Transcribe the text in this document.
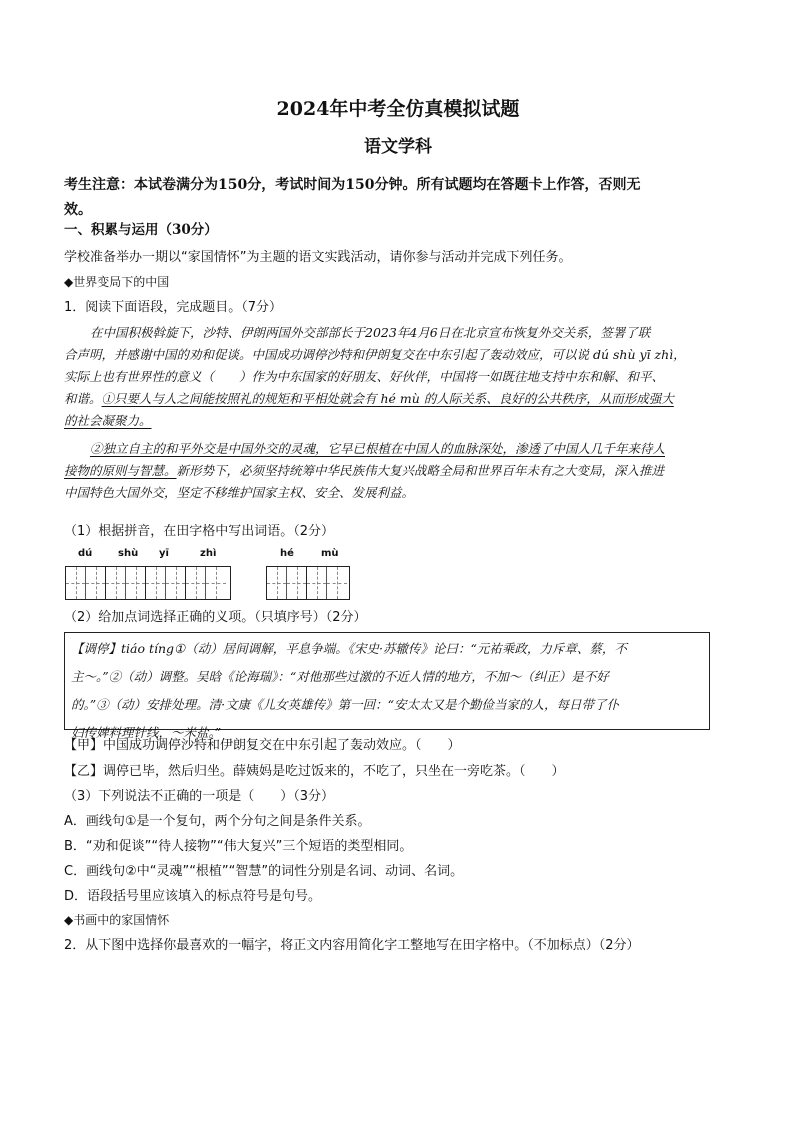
2024年中考全仿真模拟试题
语文学科
考生注意：本试卷满分为150分，考试时间为150分钟。所有试题均在答题卡上作答，否则无
效。
一、积累与运用（30分）
学校准备举办一期以“家国情怀”为主题的语文实践活动，请你参与活动并完成下列任务。
◆世界变局下的中国
1．阅读下面语段，完成题目。（7分）
在中国积极斡旋下，沙特、伊朗两国外交部部长于2023年4月6日在北京宣布恢复外交关系，签署了联
合声明，并感谢中国的劝和促谈。中国成功调停沙特和伊朗复交在中东引起了轰动效应，可以说 dú shù yī zhì，
实际上也有世界性的意义（　　）作为中东国家的好朋友、好伙伴，中国将一如既往地支持中东和解、和平、
和谐。①只要人与人之间能按照礼的规矩和平相处就会有 hé mù 的人际关系、良好的公共秩序，从而形成强大
的社会凝聚力。
②独立自主的和平外交是中国外交的灵魂，它早已根植在中国人的血脉深处，渗透了中国人几千年来待人
接物的原则与智慧。新形势下，必须坚持统筹中华民族伟大复兴战略全局和世界百年未有之大变局，深入推进
中国特色大国外交，坚定不移维护国家主权、安全、发展利益。
（1）根据拼音，在田字格中写出词语。（2分）
dú	shù yī	zhì	hé	mù
（2）给加点词选择正确的义项。（只填序号）（2分）
【调停】tiáo tíng①（动）居间调解，平息争端。《宋史·苏辙传》论曰：“元祐乘政，力斥章、蔡，不
主～。”②（动）调整。吴晗《论海瑞》：“对他那些过激的不近人情的地方，不加～（纠正）是不好
的。”③（动）安排处理。清·文康《儿女英雄传》第一回：“安太太又是个勤俭当家的人，每日带了仆
妇传婢料理针线，～米盐。”
【甲】中国成功调停沙特和伊朗复交在中东引起了轰动效应。（　　）
【乙】调停已毕，然后归坐。薛姨妈是吃过饭来的，不吃了，只坐在一旁吃茶。（　　）
（3）下列说法不正确的一项是（　　）（3分）
A．画线句①是一个复句，两个分句之间是条件关系。
B．“劝和促谈”“待人接物”“伟大复兴”三个短语的类型相同。
C．画线句②中“灵魂”“根植”“智慧”的词性分别是名词、动词、名词。
D．语段括号里应该填入的标点符号是句号。
◆书画中的家国情怀
2．从下图中选择你最喜欢的一幅字，将正文内容用简化字工整地写在田字格中。（不加标点）（2分）
